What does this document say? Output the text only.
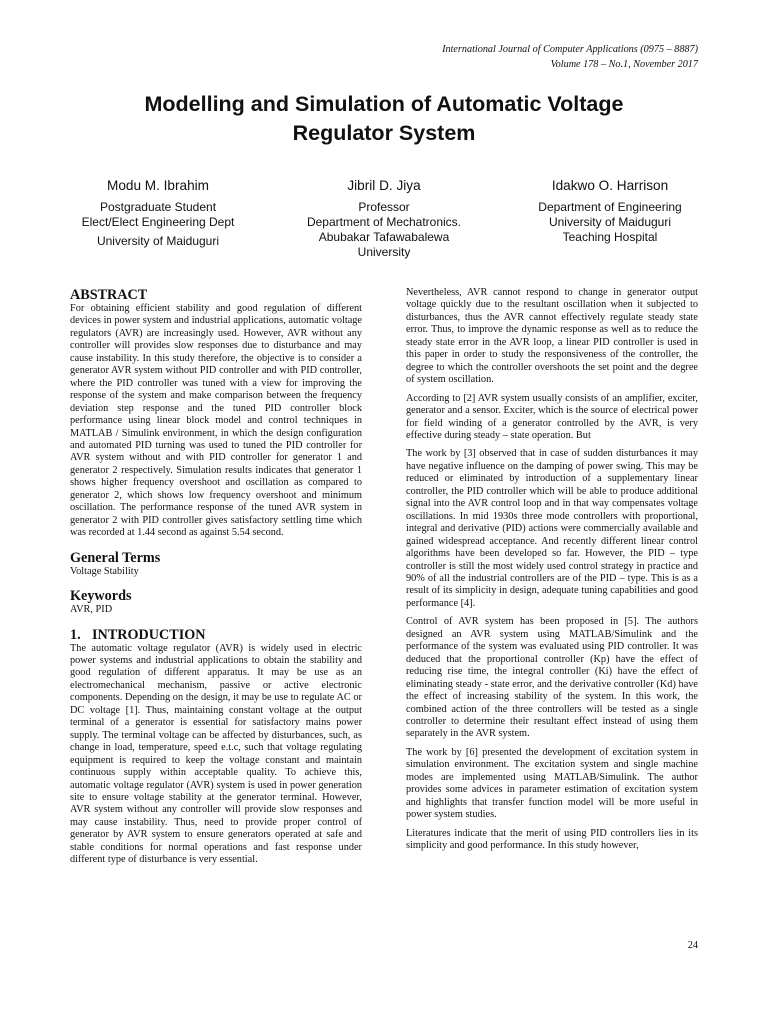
International Journal of Computer Applications (0975 – 8887)
Volume 178 – No.1, November 2017
Modelling and Simulation of Automatic Voltage
Regulator System
Modu M. Ibrahim
Postgraduate Student
Elect/Elect Engineering Dept
University of Maiduguri
Jibril D. Jiya
Professor
Department of Mechatronics.
Abubakar Tafawabalewa
University
Idakwo O. Harrison
Department of Engineering
University of Maiduguri
Teaching Hospital
ABSTRACT

For obtaining efficient stability and good regulation of different devices in power system and industrial applications, automatic voltage regulators (AVR) are increasingly used. However, AVR without any controller will provides slow responses due to disturbance and may cause instability. In this study therefore, the objective is to consider a generator AVR system without PID controller and with PID controller, where the PID controller was tuned with a view for improving the response of the system and make comparison between the frequency deviation step response and the tuned PID controller block performance using linear block model and control techniques in MATLAB / Simulink environment, in which the design configuration and automated PID turning was used to tuned the PID controller for AVR system without and with PID controller for generator 1 and generator 2 respectively. Simulation results indicates that generator 1 shows higher frequency overshoot and oscillation as compared to generator 2, which shows low frequency overshoot and minimum oscillation. The performance response of the tuned AVR system in generator 2 with PID controller gives satisfactory settling time which was recorded at 1.44 second as against 5.54 second.

General Terms

Voltage Stability

Keywords

AVR, PID

1. INTRODUCTION

The automatic voltage regulator (AVR) is widely used in electric power systems and industrial applications to obtain the stability and good regulation of different apparatus. It may be use as an electromechanical mechanism, passive or active electronic components. Depending on the design, it may be use to regulate AC or DC voltage [1]. Thus, maintaining constant voltage at the output terminal of a generator is essential for satisfactory mains power supply. The terminal voltage can be affected by disturbances, such, as change in load, temperature, speed e.t.c, such that voltage regulating equipment is required to keep the voltage constant and maintain continuous supply within acceptable quality. To achieve this, automatic voltage regulator (AVR) system is used in power generation site to ensure voltage stability at the generator terminal. However, AVR system without any controller will provide slow responses and may cause instability. Thus, need to provide proper control of generator by AVR system to ensure generators operated at safe and stable conditions for normal operations and fast response under different type of disturbance is very essential.

Nevertheless, AVR cannot respond to change in generator output voltage quickly due to the resultant oscillation when it subjected to disturbances, thus the AVR cannot effectively regulate steady state error. Thus, to improve the dynamic response as well as to reduce the steady state error in the AVR loop, a linear PID controller is used in this paper in order to study the responsiveness of the controller, the degree to which the controller overshoots the set point and the degree of system oscillation.

According to [2] AVR system usually consists of an amplifier, exciter, generator and a sensor. Exciter, which is the source of electrical power for field winding of a generator controlled by the AVR, is very effective during steady – state operation. But

The work by [3] observed that in case of sudden disturbances it may have negative influence on the damping of power swing. This may be reduced or eliminated by introduction of a supplementary linear controller, the PID controller which will be able to produce additional signal into the AVR control loop and in that way compensates voltage oscillations. In mid 1930s three mode controllers with proportional, integral and derivative (PID) actions were commercially available and gained widespread acceptance. And recently different linear control algorithms have been developed so far. However, the PID – type controller is still the most widely used control strategy in practice and 90% of all the industrial controllers are of the PID – type. This is as a result of its simplicity in design, adequate tuning capabilities and good performance [4].

Control of AVR system has been proposed in [5]. The authors designed an AVR system using MATLAB/Simulink and the performance of the system was evaluated using PID controller. It was deduced that the proportional controller (Kp) have the effect of reducing rise time, the integral controller (Ki) have the effect of eliminating steady - state error, and the derivative controller (Kd) have the effect of increasing stability of the system. In this work, the combined action of the three controllers will be tested as a single controller to determine their resultant effect instead of using them separately in the AVR system.

The work by [6] presented the development of excitation system in simulation environment. The excitation system and single machine modes are implemented using MATLAB/Simulink. The author provides some advices in parameter estimation of excitation system and highlights that transfer function model will be more useful in power system studies.

Literatures indicate that the merit of using PID controllers lies in its simplicity and good performance. In this study however,

24
